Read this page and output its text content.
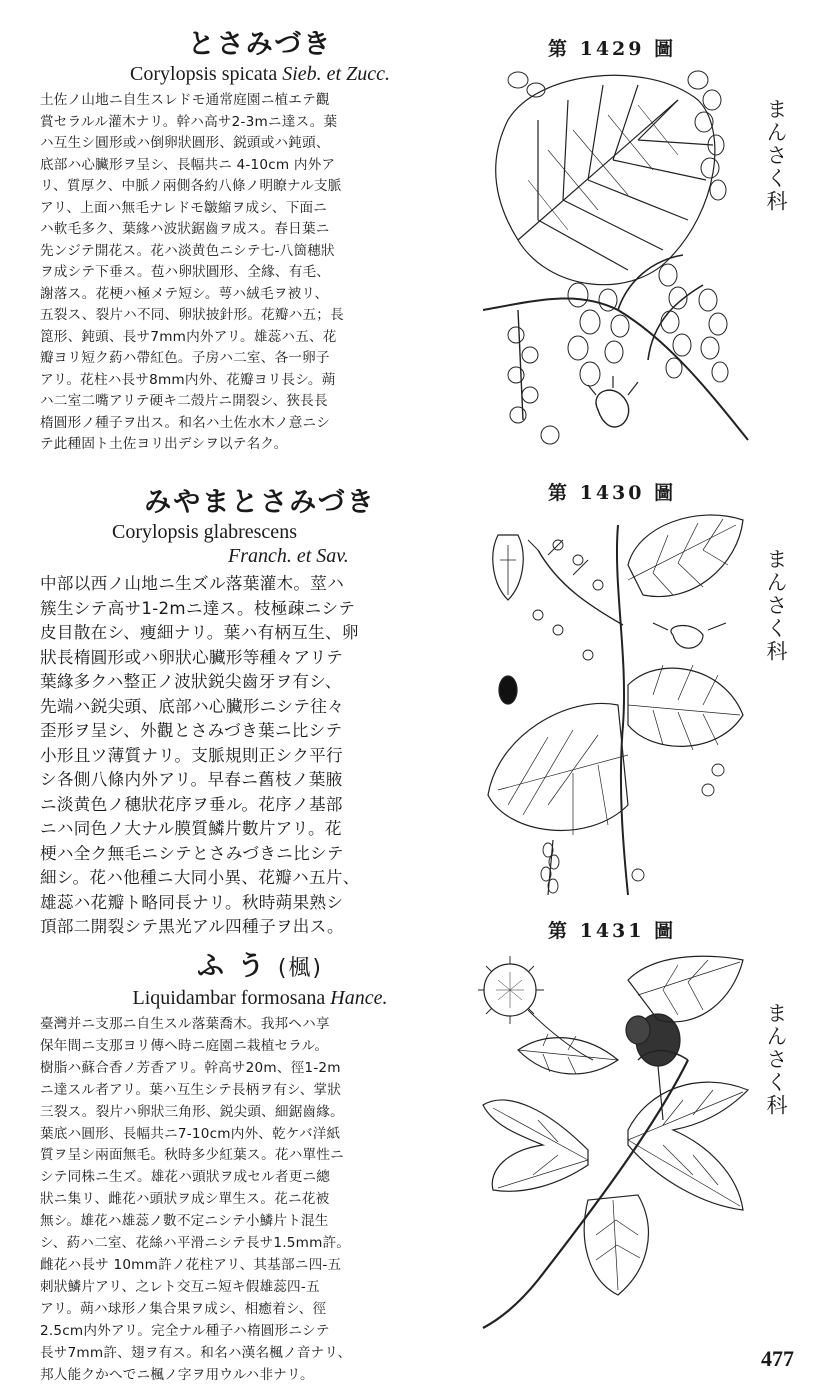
とさみづき
Corylopsis spicata Sieb. et Zucc.
土佐ノ山地ニ自生スレドモ通常庭園ニ植エテ觀
賞セラルル灌木ナリ。幹ハ高サ2-3mニ達ス。葉
ハ互生シ圓形或ハ倒卵狀圓形、鋭頭或ハ鈍頭、
底部ハ心臟形ヲ呈シ、長幅共ニ 4-10cm 内外ア
リ、質厚ク、中脈ノ兩側各約八條ノ明瞭ナル支脈
アリ、上面ハ無毛ナレドモ皺縮ヲ成シ、下面ニ
ハ軟毛多ク、葉緣ハ波狀鋸齒ヲ成ス。春日葉ニ
先ンジテ開花ス。花ハ淡黄色ニシテ七-八箇穗狀
ヲ成シテ下垂ス。苞ハ卵狀圓形、全緣、有毛、
謝落ス。花梗ハ極メテ短シ。萼ハ絨毛ヲ被リ、
五裂ス、裂片ハ不同、卵狀披針形。花瓣ハ五；長
箆形、鈍頭、長サ7mm内外アリ。雄蕊ハ五、花
瓣ヨリ短ク葯ハ帶紅色。子房ハ二室、各一卵子
アリ。花柱ハ長サ8mm内外、花瓣ヨリ長シ。蒴
ハ二室二嘴アリテ硬キ二殻片ニ開裂シ、狹長長
楕圓形ノ種子ヲ出ス。和名ハ土佐水木ノ意ニシ
テ此種固ト土佐ヨリ出デシヲ以テ名ク。
第 1429 圖
まんさく科
みやまとさみづき
Corylopsis glabrescens
Franch. et Sav.
中部以西ノ山地ニ生ズル落葉灌木。莖ハ
簇生シテ高サ1-2mニ達ス。枝極疎ニシテ
皮目散在シ、痩細ナリ。葉ハ有柄互生、卵
狀長楕圓形或ハ卵狀心臟形等種々アリテ
葉緣多クハ整正ノ波狀鋭尖齒牙ヲ有シ、
先端ハ鋭尖頭、底部ハ心臟形ニシテ往々
歪形ヲ呈シ、外觀とさみづき葉ニ比シテ
小形且ツ薄質ナリ。支脈規則正シク平行
シ各側八條内外アリ。早春ニ舊枝ノ葉腋
ニ淡黄色ノ穗狀花序ヲ垂ル。花序ノ基部
ニハ同色ノ大ナル膜質鱗片數片アリ。花
梗ハ全ク無毛ニシテとさみづきニ比シテ
細シ。花ハ他種ニ大同小異、花瓣ハ五片、
雄蕊ハ花瓣ト略同長ナリ。秋時蒴果熟シ
頂部二開裂シテ黒光アル四種子ヲ出ス。
第 1430 圖
まんさく科
ふ う (楓)
Liquidambar formosana Hance.
臺灣并ニ支那ニ自生スル落葉喬木。我邦ヘハ享
保年間ニ支那ヨリ傳ヘ時ニ庭園ニ栽植セラル。
樹脂ハ蘇合香ノ芳香アリ。幹高サ20m、徑1-2m
ニ達スル者アリ。葉ハ互生シテ長柄ヲ有シ、掌狀
三裂ス。裂片ハ卵狀三角形、鋭尖頭、細鋸齒緣。
葉底ハ圓形、長幅共ニ7-10cm内外、乾ケバ洋紙
質ヲ呈シ兩面無毛。秋時多少紅葉ス。花ハ單性ニ
シテ同株ニ生ズ。雄花ハ頭狀ヲ成セル者更ニ總
狀ニ集リ、雌花ハ頭狀ヲ成シ單生ス。花ニ花被
無シ。雄花ハ雄蕊ノ數不定ニシテ小鱗片ト混生
シ、葯ハ二室、花絲ハ平滑ニシテ長サ1.5mm許。
雌花ハ長サ 10mm許ノ花柱アリ、其基部ニ四-五
刺狀鱗片アリ、之レト交互ニ短キ假雄蕊四-五
アリ。蒴ハ球形ノ集合果ヲ成シ、相癒着シ、徑
2.5cm内外アリ。完全ナル種子ハ楕圓形ニシテ
長サ7mm許、翅ヲ有ス。和名ハ漢名楓ノ音ナリ、
邦人能クかへでニ楓ノ字ヲ用ウルハ非ナリ。
第 1431 圖
まんさく科
477
